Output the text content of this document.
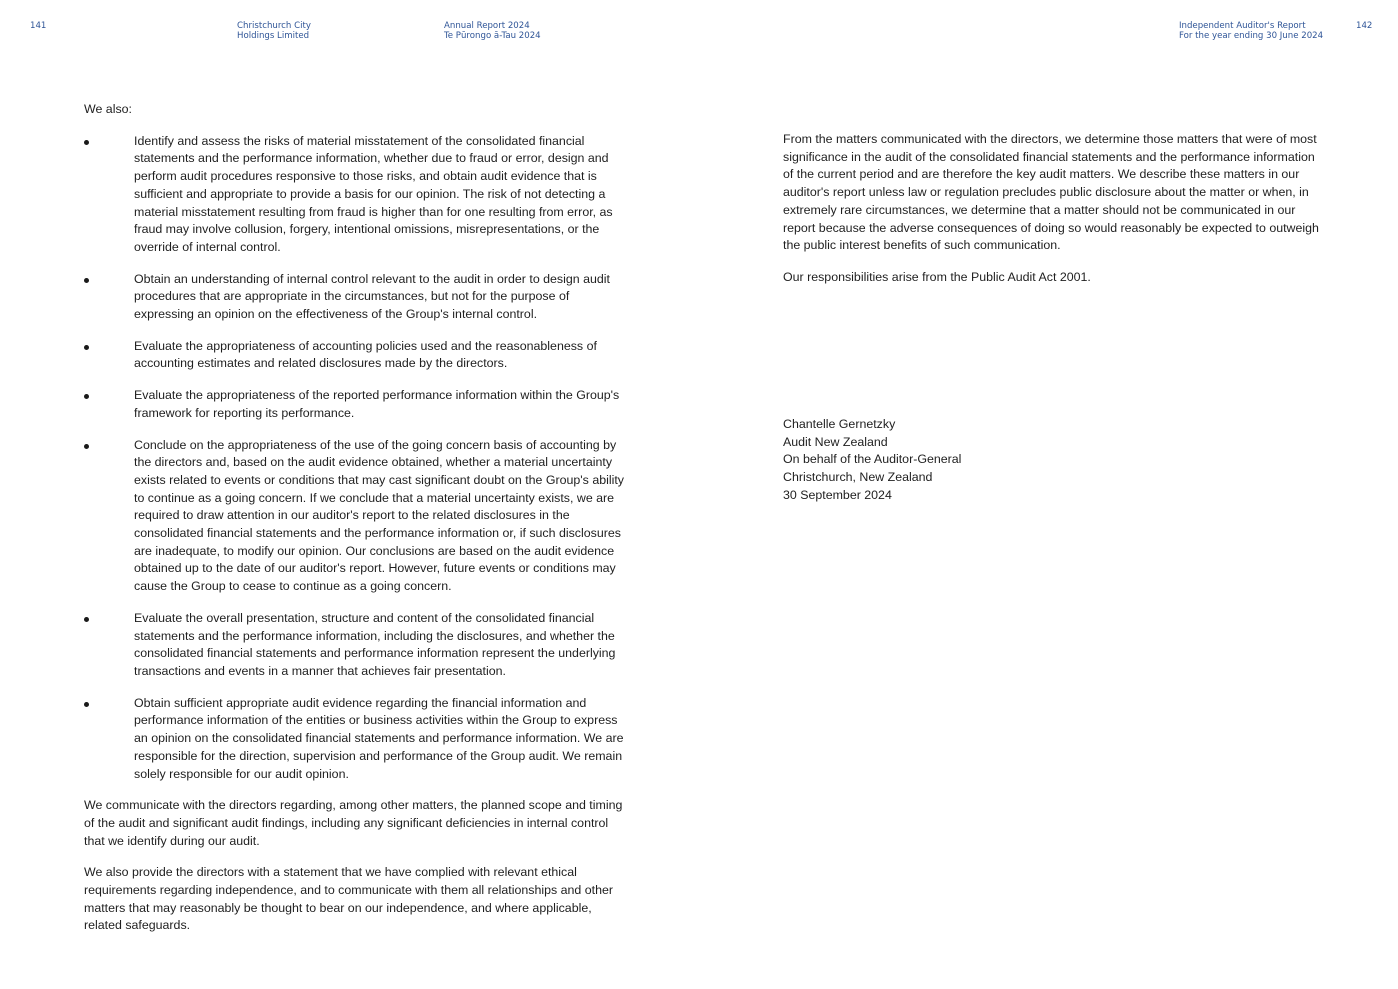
141	Christchurch City
Holdings Limited
Annual Report 2024
Te Pūrongo ā-Tau 2024
Independent Auditor's Report
For the year ending 30 June 2024
142

We also:

Identify and assess the risks of material misstatement of the consolidated financial statements and the performance information, whether due to fraud or error, design and perform audit procedures responsive to those risks, and obtain audit evidence that is sufficient and appropriate to provide a basis for our opinion. The risk of not detecting a material misstatement resulting from fraud is higher than for one resulting from error, as fraud may involve collusion, forgery, intentional omissions, misrepresentations, or the override of internal control.
Obtain an understanding of internal control relevant to the audit in order to design audit procedures that are appropriate in the circumstances, but not for the purpose of expressing an opinion on the effectiveness of the Group's internal control.
Evaluate the appropriateness of accounting policies used and the reasonableness of accounting estimates and related disclosures made by the directors.
Evaluate the appropriateness of the reported performance information within the Group's framework for reporting its performance.
Conclude on the appropriateness of the use of the going concern basis of accounting by the directors and, based on the audit evidence obtained, whether a material uncertainty exists related to events or conditions that may cast significant doubt on the Group's ability to continue as a going concern. If we conclude that a material uncertainty exists, we are required to draw attention in our auditor's report to the related disclosures in the consolidated financial statements and the performance information or, if such disclosures are inadequate, to modify our opinion. Our conclusions are based on the audit evidence obtained up to the date of our auditor's report. However, future events or conditions may cause the Group to cease to continue as a going concern.
Evaluate the overall presentation, structure and content of the consolidated financial statements and the performance information, including the disclosures, and whether the consolidated financial statements and performance information represent the underlying transactions and events in a manner that achieves fair presentation.
Obtain sufficient appropriate audit evidence regarding the financial information and performance information of the entities or business activities within the Group to express an opinion on the consolidated financial statements and performance information. We are responsible for the direction, supervision and performance of the Group audit. We remain solely responsible for our audit opinion.

We communicate with the directors regarding, among other matters, the planned scope and timing of the audit and significant audit findings, including any significant deficiencies in internal control that we identify during our audit.

We also provide the directors with a statement that we have complied with relevant ethical requirements regarding independence, and to communicate with them all relationships and other matters that may reasonably be thought to bear on our independence, and where applicable, related safeguards.

From the matters communicated with the directors, we determine those matters that were of most significance in the audit of the consolidated financial statements and the performance information of the current period and are therefore the key audit matters. We describe these matters in our auditor's report unless law or regulation precludes public disclosure about the matter or when, in extremely rare circumstances, we determine that a matter should not be communicated in our report because the adverse consequences of doing so would reasonably be expected to outweigh the public interest benefits of such communication.

Our responsibilities arise from the Public Audit Act 2001.

Chantelle Gernetzky
Audit New Zealand
On behalf of the Auditor-General
Christchurch, New Zealand
30 September 2024
